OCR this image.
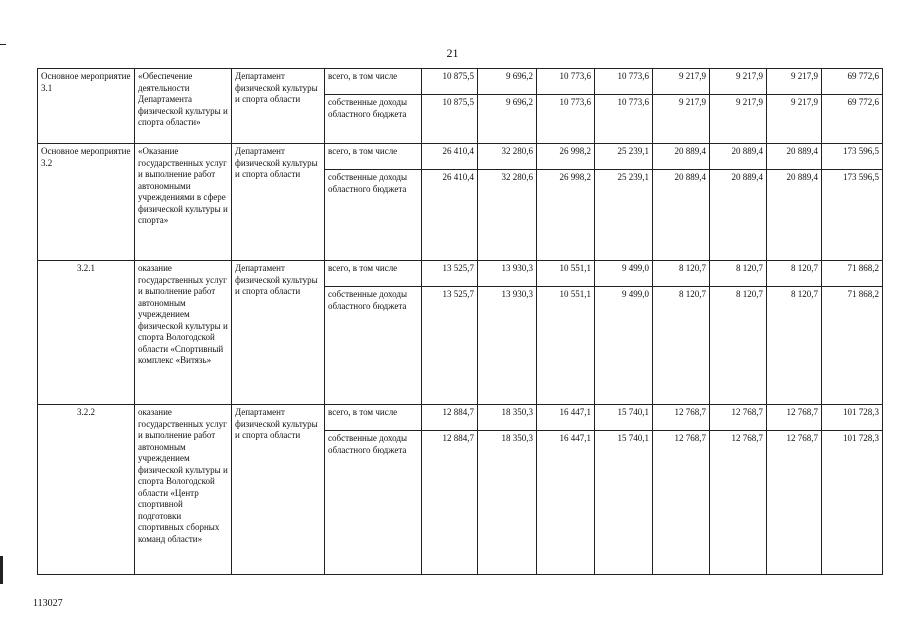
21
Основное мероприятие 3.1	«Обеспечение деятельности Департамента физической культуры и спорта области»	Департамент физической культуры и спорта области	всего, в том числе	10 875,5	9 696,2	10 773,6	10 773,6	9 217,9	9 217,9	9 217,9	69 772,6
			собственные доходы областного бюджета	10 875,5	9 696,2	10 773,6	10 773,6	9 217,9	9 217,9	9 217,9	69 772,6
Основное мероприятие 3.2	«Оказание государственных услуг и выполнение работ автономными учреждениями в сфере физической культуры и спорта»	Департамент физической культуры и спорта области	всего, в том числе	26 410,4	32 280,6	26 998,2	25 239,1	20 889,4	20 889,4	20 889,4	173 596,5
			собственные доходы областного бюджета	26 410,4	32 280,6	26 998,2	25 239,1	20 889,4	20 889,4	20 889,4	173 596,5
3.2.1	оказание государственных услуг и выполнение работ автономным учреждением физической культуры и спорта Вологодской области «Спортивный комплекс «Витязь»	Департамент физической культуры и спорта области	всего, в том числе	13 525,7	13 930,3	10 551,1	9 499,0	8 120,7	8 120,7	8 120,7	71 868,2
			собственные доходы областного бюджета	13 525,7	13 930,3	10 551,1	9 499,0	8 120,7	8 120,7	8 120,7	71 868,2
3.2.2	оказание государственных услуг и выполнение работ автономным учреждением физической культуры и спорта Вологодской области «Центр спортивной подготовки спортивных сборных команд области»	Департамент физической культуры и спорта области	всего, в том числе	12 884,7	18 350,3	16 447,1	15 740,1	12 768,7	12 768,7	12 768,7	101 728,3
			собственные доходы областного бюджета	12 884,7	18 350,3	16 447,1	15 740,1	12 768,7	12 768,7	12 768,7	101 728,3
113027
